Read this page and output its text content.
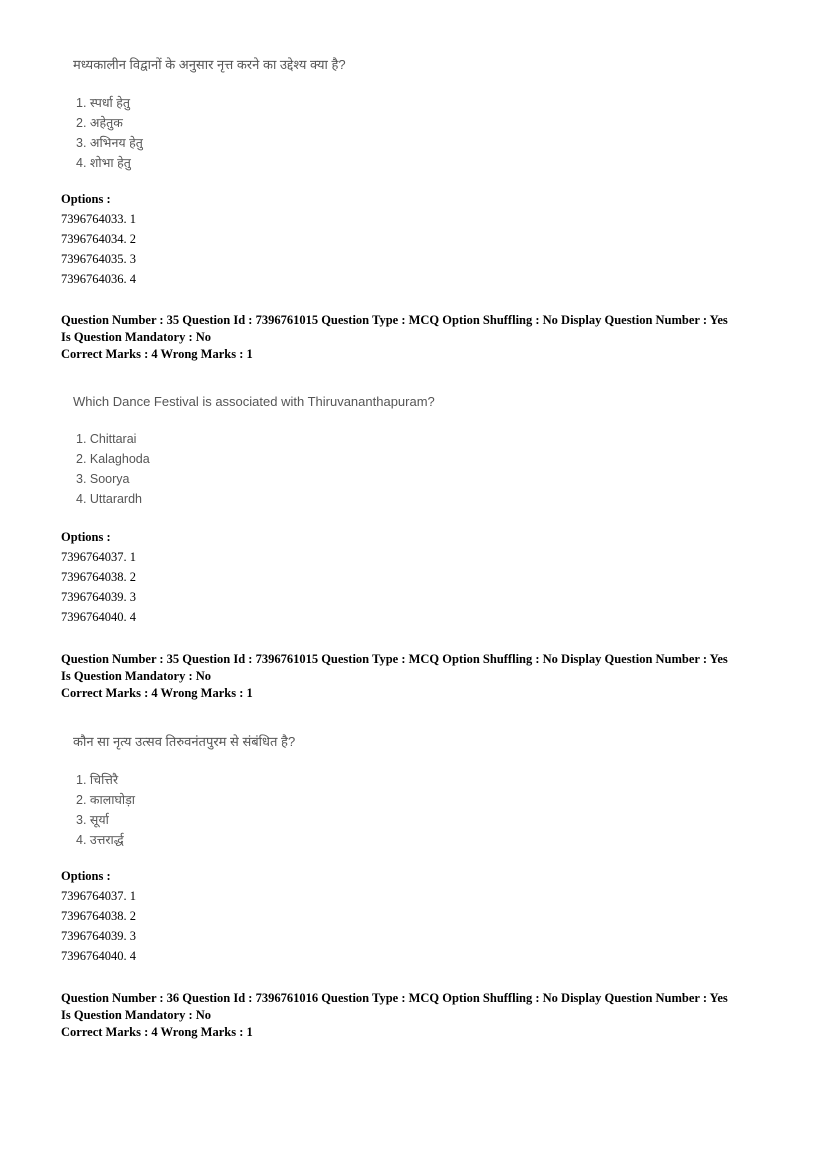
मध्यकालीन विद्वानों के अनुसार नृत्त करने का उद्देश्य क्या है?

1. स्पर्धा हेतु
2. अहेतुक
3. अभिनय हेतु
4. शोभा हेतु
Options :
7396764033. 1
7396764034. 2
7396764035. 3
7396764036. 4
Question Number : 35 Question Id : 7396761015 Question Type : MCQ Option Shuffling : No Display Question Number : Yes
Is Question Mandatory : No
Correct Marks : 4 Wrong Marks : 1

Which Dance Festival is associated with Thiruvananthapuram?

1. Chittarai
2. Kalaghoda
3. Soorya
4. Uttarardh
Options :
7396764037. 1
7396764038. 2
7396764039. 3
7396764040. 4
Question Number : 35 Question Id : 7396761015 Question Type : MCQ Option Shuffling : No Display Question Number : Yes
Is Question Mandatory : No
Correct Marks : 4 Wrong Marks : 1

कौन सा नृत्य उत्सव तिरुवनंतपुरम से संबंधित है?

1. चित्तिरै
2. कालाघोड़ा
3. सूर्या
4. उत्तरार्द्ध
Options :
7396764037. 1
7396764038. 2
7396764039. 3
7396764040. 4
Question Number : 36 Question Id : 7396761016 Question Type : MCQ Option Shuffling : No Display Question Number : Yes
Is Question Mandatory : No
Correct Marks : 4 Wrong Marks : 1
